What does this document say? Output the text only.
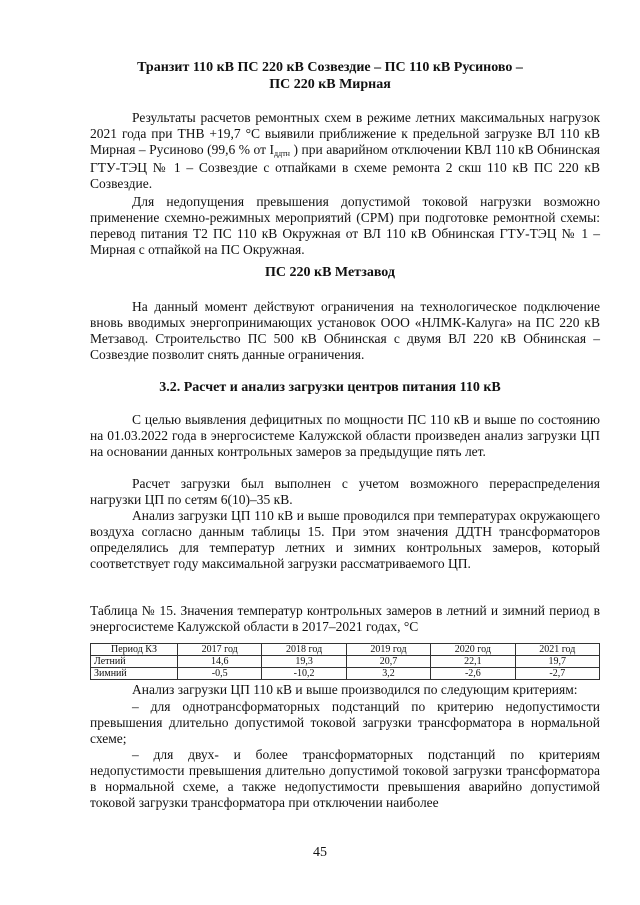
Транзит 110 кВ ПС 220 кВ Созвездие – ПС 110 кВ Русиново –
ПС 220 кВ Мирная
Результаты расчетов ремонтных схем в режиме летних максимальных нагрузок 2021 года при ТНВ +19,7 °С выявили приближение к предельной загрузке ВЛ 110 кВ Мирная – Русиново (99,6 % от Iддтн ) при аварийном отключении КВЛ 110 кВ Обнинская ГТУ-ТЭЦ № 1 – Созвездие с отпайками в схеме ремонта 2 скш 110 кВ ПС 220 кВ Созвездие.
Для недопущения превышения допустимой токовой нагрузки возможно применение схемно-режимных мероприятий (СРМ) при подготовке ремонтной схемы: перевод питания Т2 ПС 110 кВ Окружная от ВЛ 110 кВ Обнинская ГТУ-ТЭЦ № 1 – Мирная с отпайкой на ПС Окружная.
ПС 220 кВ Метзавод
На данный момент действуют ограничения на технологическое подключение вновь вводимых энергопринимающих установок ООО «НЛМК-Калуга» на ПС 220 кВ Метзавод. Строительство ПС 500 кВ Обнинская с двумя ВЛ 220 кВ Обнинская – Созвездие позволит снять данные ограничения.
3.2. Расчет и анализ загрузки центров питания 110 кВ
С целью выявления дефицитных по мощности ПС 110 кВ и выше по состоянию на 01.03.2022 года в энергосистеме Калужской области произведен анализ загрузки ЦП на основании данных контрольных замеров за предыдущие пять лет.
Расчет загрузки был выполнен с учетом возможного перераспределения нагрузки ЦП по сетям 6(10)–35 кВ.
Анализ загрузки ЦП 110 кВ и выше проводился при температурах окружающего воздуха согласно данным таблицы 15. При этом значения ДДТН трансформаторов определялись для температур летних и зимних контрольных замеров, который соответствует году максимальной загрузки рассматриваемого ЦП.
Таблица № 15. Значения температур контрольных замеров в летний и зимний период в энергосистеме Калужской области в 2017–2021 годах, °С
Период КЗ	2017 год	2018 год	2019 год	2020 год	2021 год
Летний	14,6	19,3	20,7	22,1	19,7
Зимний	-0,5	-10,2	3,2	-2,6	-2,7
Анализ загрузки ЦП 110 кВ и выше производился по следующим критериям:
– для однотрансформаторных подстанций по критерию недопустимости превышения длительно допустимой токовой загрузки трансформатора в нормальной схеме;
– для двух- и более трансформаторных подстанций по критериям недопустимости превышения длительно допустимой токовой загрузки трансформатора в нормальной схеме, а также недопустимости превышения аварийно допустимой токовой загрузки трансформатора при отключении наиболее
45
